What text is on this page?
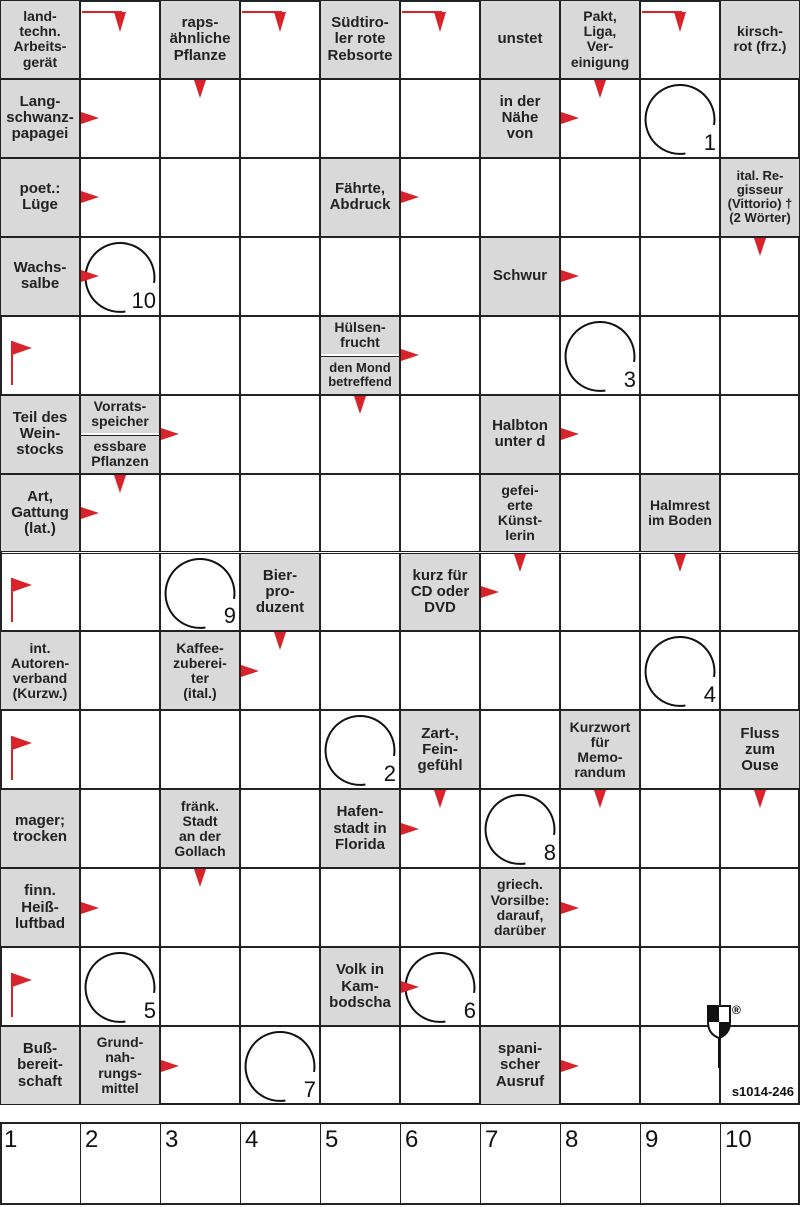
land-
techn.
Arbeits-
gerät
raps-
ähnliche
Pflanze
Südtiro-
ler rote
Rebsorte
unstet
Pakt,
Liga,
Ver-
einigung
kirsch-
rot (frz.)
Lang-
schwanz-
papagei
in der
Nähe
von
poet.:
Lüge
Fährte,
Abdruck
ital. Re-
gisseur
(Vittorio) †
(2 Wörter)
Wachs-
salbe	Schwur
Hülsen-
frucht
den Mond
betreffend
Teil des
Wein-
stocks
Vorrats-
speicher
essbare
Pflanzen
Halbton
unter d
Art,
Gattung
(lat.)
gefei-
erte
Künst-
lerin
Halmrest
im Boden
Bier-
pro-
duzent
kurz für
CD oder
DVD
int.
Autoren-
verband
(Kurzw.)
Kaffee-
zuberei-
ter
(ital.)
Zart-,
Fein-
gefühl
Kurzwort
für
Memo-
randum
Fluss
zum
Ouse
mager;
trocken
fränk.
Stadt
an der
Gollach
Hafen-
stadt in
Florida
finn.
Heiß-
luftbad
griech.
Vorsilbe:
darauf,
darüber
Volk in
Kam-
bodscha
Buß-
bereit-
schaft
Grund-
nah-
rungs-
mittel
spani-
scher
Ausruf
1
2
3
4
5	6
7
8
9
10
1	2	3	4	5	6	7	8	9	10
®
s1014-246
